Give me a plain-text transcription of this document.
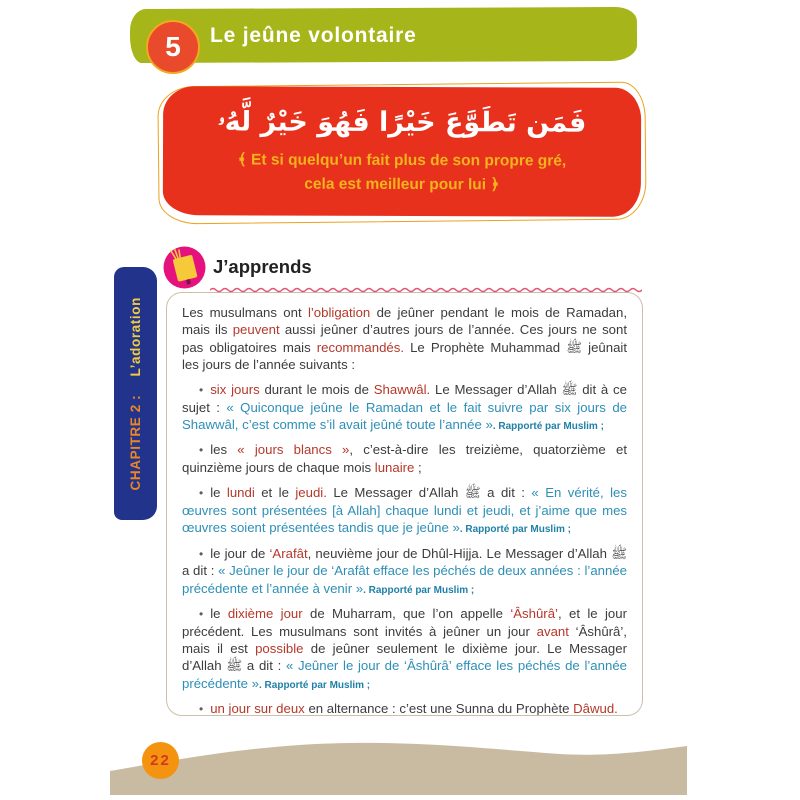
5 Le jeûne volontaire
فَمَن تَطَوَّعَ خَيْرًا فَهُوَ خَيْرٌ لَّهُۥ
﴾ Et si quelqu’un fait plus de son propre gré,
cela est meilleur pour lui ﴿
CHAPITRE 2 : L’adoration
J’apprends

Les musulmans ont l’obligation de jeûner pendant le mois de Ramadan, mais ils peuvent aussi jeûner d’autres jours de l’année. Ces jours ne sont pas obligatoires mais recommandés. Le Prophète Muhammad ﷺ jeûnait les jours de l’année suivants :

• six jours durant le mois de Shawwâl. Le Messager d’Allah ﷺ dit à ce sujet : « Quiconque jeûne le Ramadan et le fait suivre par six jours de Shawwâl, c’est comme s’il avait jeûné toute l’année ». Rapporté par Muslim ;
• les « jours blancs », c’est-à-dire les treizième, quatorzième et quinzième jours de chaque mois lunaire ;
• le lundi et le jeudi. Le Messager d’Allah ﷺ a dit : « En vérité, les œuvres sont présentées [à Allah] chaque lundi et jeudi, et j’aime que mes œuvres soient présentées tandis que je jeûne ». Rapporté par Muslim ;
• le jour de ‘Arafât, neuvième jour de Dhûl-Hijja. Le Messager d’Allah ﷺ a dit : « Jeûner le jour de ‘Arafât efface les péchés de deux années : l’année précédente et l’année à venir ». Rapporté par Muslim ;
• le dixième jour de Muharram, que l’on appelle ‘Âshûrâ’, et le jour précédent. Les musulmans sont invités à jeûner un jour avant ‘Âshûrâ’, mais il est possible de jeûner seulement le dixième jour. Le Messager d’Allah ﷺ a dit : « Jeûner le jour de ‘Âshûrâ’ efface les péchés de l’année précédente ». Rapporté par Muslim ;
• un jour sur deux en alternance : c’est une Sunna du Prophète Dâwud.
22
